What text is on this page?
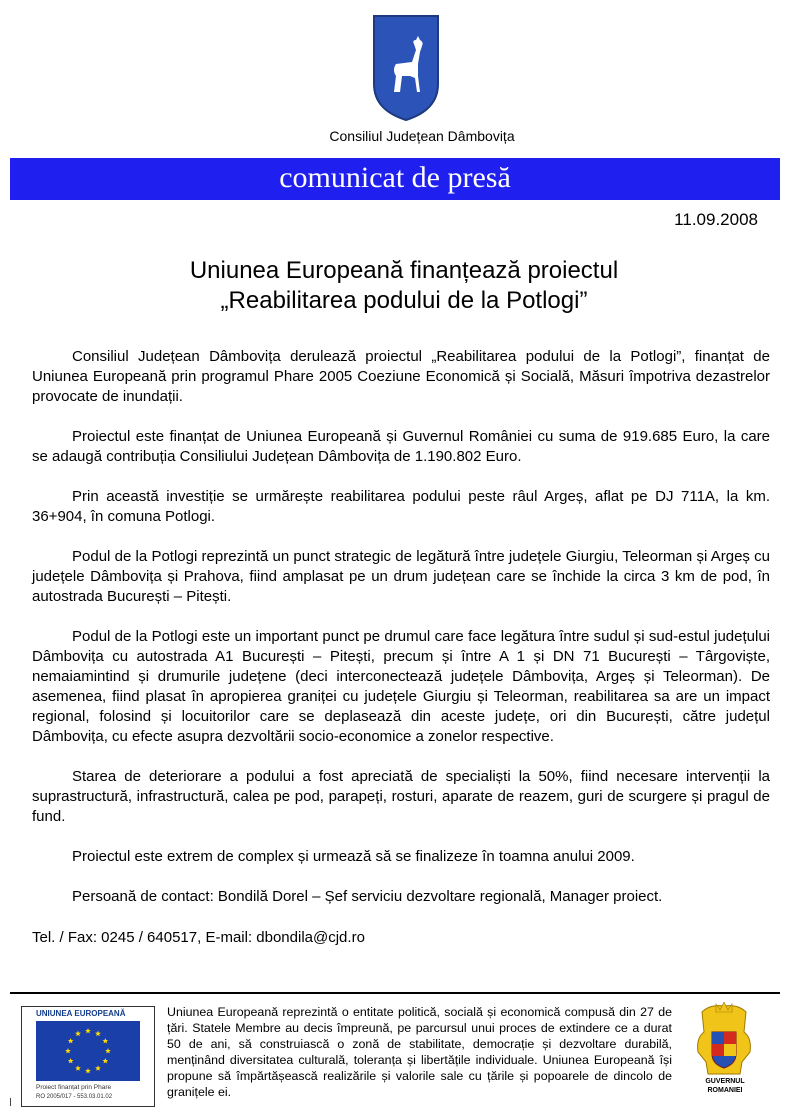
Consiliul Județean Dâmbovița
comunicat de presă
11.09.2008
Uniunea Europeană finanțează proiectul
„Reabilitarea podului de la Potlogi”

Consiliul Județean Dâmbovița derulează proiectul „Reabilitarea podului de la Potlogi”, finanțat de Uniunea Europeană prin programul Phare 2005 Coeziune Economică și Socială, Măsuri împotriva dezastrelor provocate de inundații.

Proiectul este finanțat de Uniunea Europeană și Guvernul României cu suma de 919.685 Euro, la care se adaugă contribuția Consiliului Județean Dâmbovița de 1.190.802 Euro.

Prin această investiție se urmărește reabilitarea podului peste râul Argeș, aflat pe DJ 711A, la km. 36+904, în comuna Potlogi.

Podul de la Potlogi reprezintă un punct strategic de legătură între județele Giurgiu, Teleorman și Argeș cu județele Dâmbovița și Prahova, fiind amplasat pe un drum județean care se închide la circa 3 km de pod, în autostrada București – Pitești.

Podul de la Potlogi este un important punct pe drumul care face legătura între sudul și sud-estul județului Dâmbovița cu autostrada A1 București – Pitești, precum și între A 1 și DN 71 București – Târgoviște, nemaiamintind și drumurile județene (deci interconectează județele Dâmbovița, Argeș și Teleorman). De asemenea, fiind plasat în apropierea graniței cu județele Giurgiu și Teleorman, reabilitarea sa are un impact regional, folosind și locuitorilor care se deplasează din aceste județe, ori din București, către județul Dâmbovița, cu efecte asupra dezvoltării socio-economice a zonelor respective.

Starea de deteriorare a podului a fost apreciată de specialiști la 50%, fiind necesare intervenții la suprastructură, infrastructură, calea pe pod, parapeți, rosturi, aparate de reazem, guri de scurgere și pragul de fund.

Proiectul este extrem de complex și urmează să se finalizeze în toamna anului 2009.

Persoană de contact: Bondilă Dorel – Șef serviciu dezvoltare regională, Manager proiect.

Tel. / Fax: 0245 / 640517, E-mail: dbondila@cjd.ro
UNIUNEA EUROPEANĂ
Proiect finanțat prin Phare
RO 2005/017 - 553.03.01.02
Uniunea Europeană reprezintă o entitate politică, socială și economică compusă din 27 de țări. Statele Membre au decis împreună, pe parcursul unui proces de extindere ce a durat 50 de ani, să construiască o zonă de stabilitate, democrație și dezvoltare durabilă, menținând diversitatea culturală, toleranța și libertățile individuale. Uniunea Europeană își propune să împărtășească realizările și valorile sale cu țările și popoarele de dincolo de granițele ei.
GUVERNUL
ROMANIEI
